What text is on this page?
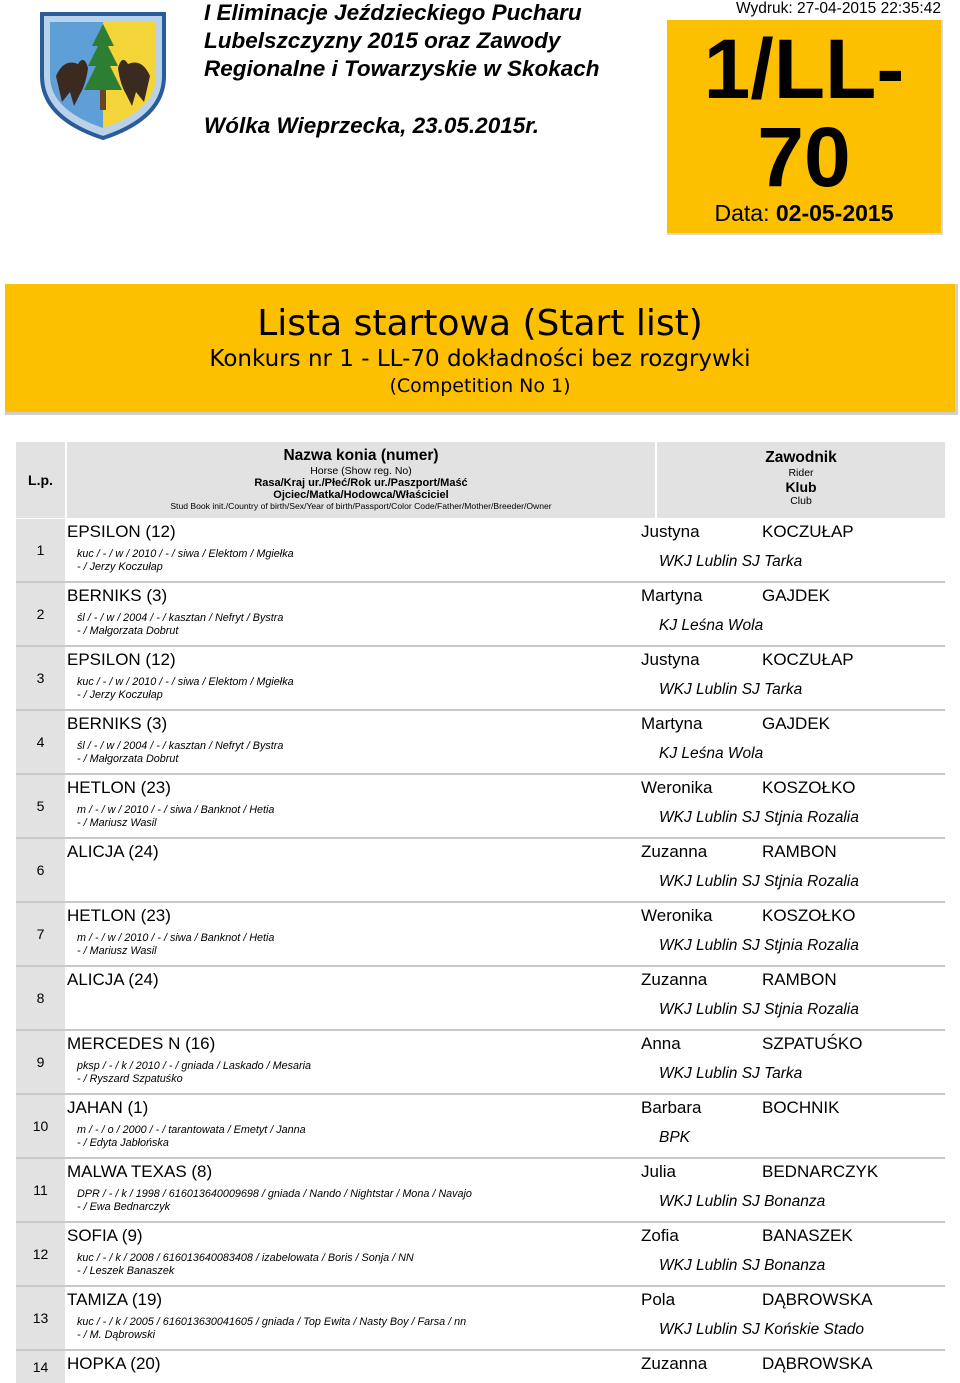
I Eliminacje Jeździeckiego Pucharu Lubelszczyzny 2015 oraz Zawody Regionalne i Towarzyskie w Skokach
Wólka Wieprzecka, 23.05.2015r.
Wydruk: 27-04-2015 22:35:42
1/LL-70
Data: 02-05-2015
Lista startowa (Start list)
Konkurs nr 1 - LL-70 dokładności bez rozgrywki
(Competition No 1)
L.p.
Nazwa konia (numer)
Horse (Show reg. No)
Rasa/Kraj ur./Płeć/Rok ur./Paszport/Maść
Ojciec/Matka/Hodowca/Właściciel
Stud Book init./Country of birth/Sex/Year of birth/Passport/Color Code/Father/Mother/Breeder/Owner
Zawodnik
Rider
Klub
Club
1
EPSILON (12)
kuc / - / w / 2010 / - / siwa / Elektom / Mgiełka
- / Jerzy Koczułap
Justyna	KOCZUŁAP
WKJ Lublin SJ Tarka
2
BERNIKS (3)
śl / - / w / 2004 / - / kasztan / Nefryt / Bystra
- / Małgorzata Dobrut
Martyna	GAJDEK
KJ Leśna Wola
3
EPSILON (12)
kuc / - / w / 2010 / - / siwa / Elektom / Mgiełka
- / Jerzy Koczułap
Justyna	KOCZUŁAP
WKJ Lublin SJ Tarka
4
BERNIKS (3)
śl / - / w / 2004 / - / kasztan / Nefryt / Bystra
- / Małgorzata Dobrut
Martyna	GAJDEK
KJ Leśna Wola
5
HETLON (23)
m / - / w / 2010 / - / siwa / Banknot / Hetia
- / Mariusz Wasil
Weronika	KOSZOŁKO
WKJ Lublin SJ Stjnia Rozalia
6
ALICJA (24)	Zuzanna	RAMBON
WKJ Lublin SJ Stjnia Rozalia
7
HETLON (23)
m / - / w / 2010 / - / siwa / Banknot / Hetia
- / Mariusz Wasil
Weronika	KOSZOŁKO
WKJ Lublin SJ Stjnia Rozalia
8
ALICJA (24)	Zuzanna	RAMBON
WKJ Lublin SJ Stjnia Rozalia
9
MERCEDES N (16)
pksp / - / k / 2010 / - / gniada / Laskado / Mesaria
- / Ryszard Szpatuśko
Anna	SZPATUŚKO
WKJ Lublin SJ Tarka
10
JAHAN (1)
m / - / o / 2000 / - / tarantowata / Emetyt / Janna
- / Edyta Jabłońska
Barbara	BOCHNIK
BPK
11
MALWA TEXAS (8)
DPR / - / k / 1998 / 616013640009698 / gniada / Nando / Nightstar / Mona / Navajo
- / Ewa Bednarczyk
Julia	BEDNARCZYK
WKJ Lublin SJ Bonanza
12
SOFIA (9)
kuc / - / k / 2008 / 616013640083408 / izabelowata / Boris / Sonja / NN
- / Leszek Banaszek
Zofia	BANASZEK
WKJ Lublin SJ Bonanza
13
TAMIZA (19)
kuc / - / k / 2005 / 616013630041605 / gniada / Top Ewita / Nasty Boy / Farsa / nn
- / M. Dąbrowski
Pola	DĄBROWSKA
WKJ Lublin SJ Końskie Stado
14	HOPKA (20)	Zuzanna	DĄBROWSKA
